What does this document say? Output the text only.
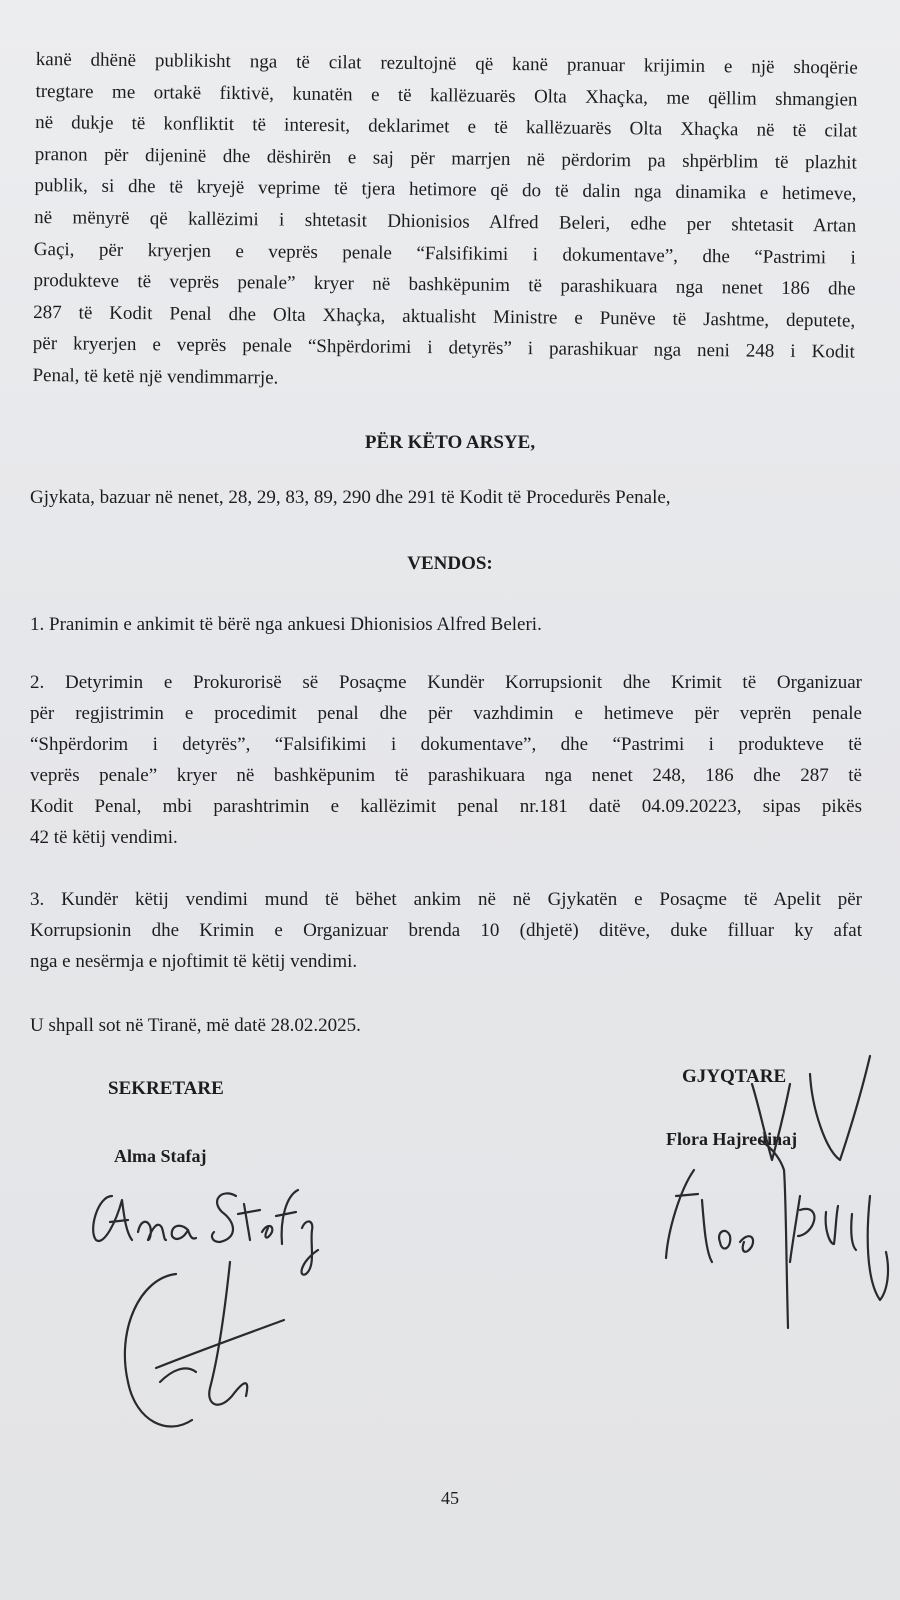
kanë dhënë publikisht nga të cilat rezultojnë që kanë pranuar krijimin e një shoqërie
tregtare me ortakë fiktivë, kunatën e të kallëzuarës Olta Xhaçka, me qëllim shmangien
në dukje të konfliktit të interesit, deklarimet e të kallëzuarës Olta Xhaçka në të cilat
pranon për dijeninë dhe dëshirën e saj për marrjen në përdorim pa shpërblim të plazhit
publik, si dhe të kryejë veprime të tjera hetimore që do të dalin nga dinamika e hetimeve,
në mënyrë që kallëzimi i shtetasit Dhionisios Alfred Beleri, edhe per shtetasit Artan
Gaçi, për kryerjen e veprës penale “Falsifikimi i dokumentave”, dhe “Pastrimi i
produkteve të veprës penale” kryer në bashkëpunim të parashikuara nga nenet 186 dhe
287 të Kodit Penal dhe Olta Xhaçka, aktualisht Ministre e Punëve të Jashtme, deputete,
për kryerjen e veprës penale “Shpërdorimi i detyrës” i parashikuar nga neni 248 i Kodit
Penal, të ketë një vendimmarrje.
PËR KËTO ARSYE,
Gjykata, bazuar në nenet, 28, 29, 83, 89, 290 dhe 291 të Kodit të Procedurës Penale,
VENDOS:
1. Pranimin e ankimit të bërë nga ankuesi Dhionisios Alfred Beleri.
2. Detyrimin e Prokurorisë së Posaçme Kundër Korrupsionit dhe Krimit të Organizuar
për regjistrimin e procedimit penal dhe për vazhdimin e hetimeve për veprën penale
“Shpërdorim i detyrës”, “Falsifikimi i dokumentave”, dhe “Pastrimi i produkteve të
veprës penale” kryer në bashkëpunim të parashikuara nga nenet 248, 186 dhe 287 të
Kodit Penal, mbi parashtrimin e kallëzimit penal nr.181 datë 04.09.20223, sipas pikës
42 të këtij vendimi.
3. Kundër këtij vendimi mund të bëhet ankim në në Gjykatën e Posaçme të Apelit për
Korrupsionin dhe Krimin e Organizuar brenda 10 (dhjetë) ditëve, duke filluar ky afat
nga e nesërmja e njoftimit të këtij vendimi.
U shpall sot në Tiranë, më datë 28.02.2025.
SEKRETARE
Alma Stafaj
GJYQTARE
Flora Hajredinaj
45
